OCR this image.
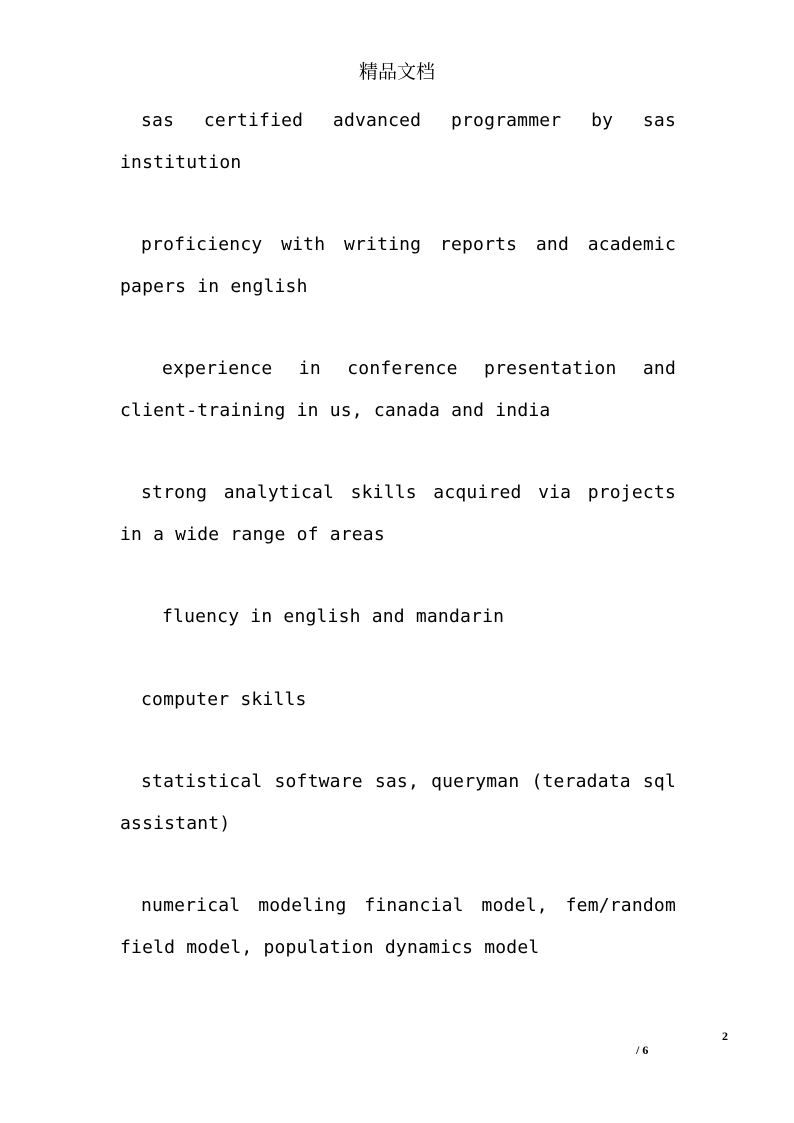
精品文档

sas certified advanced programmer by sas institution

proficiency with writing reports and academic papers in english

experience in conference presentation and client-training in us, canada and india

strong analytical skills acquired via projects in a wide range of areas

fluency in english and mandarin

computer skills

statistical software sas, queryman (teradata sql assistant)

numerical modeling financial model, fem/random field model, population dynamics model

2
/ 6
